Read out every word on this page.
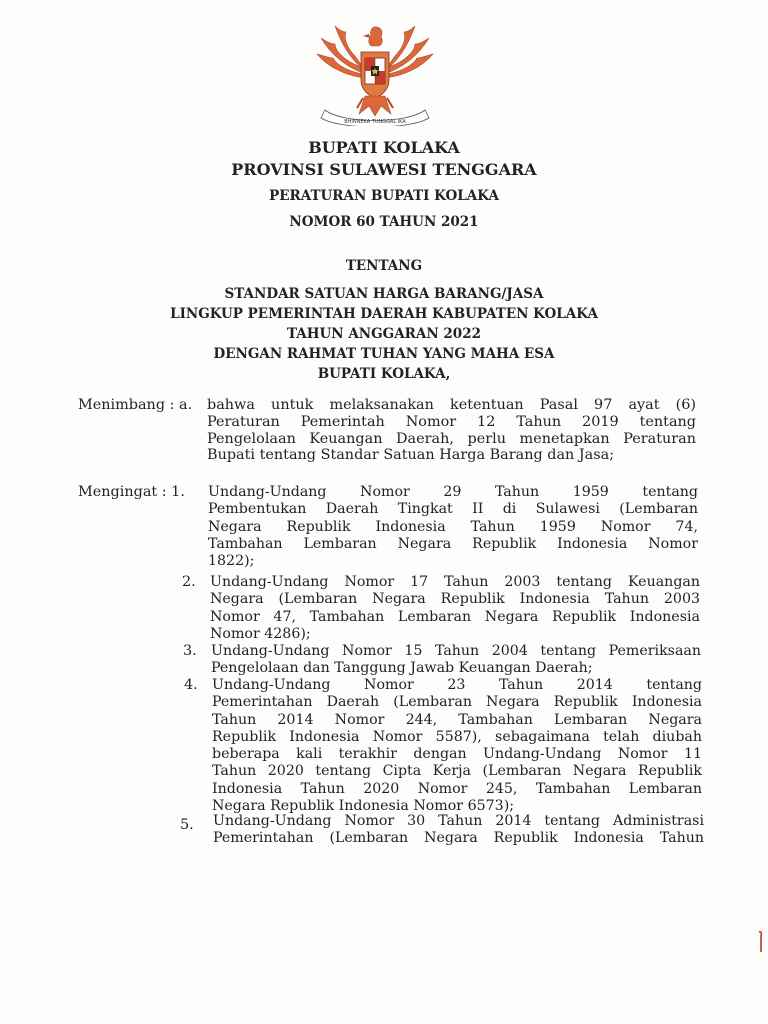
BHINNEKA TUNGGAL IKA
BUPATI KOLAKA
PROVINSI SULAWESI TENGGARA
PERATURAN BUPATI KOLAKA
NOMOR 60 TAHUN 2021
TENTANG
STANDAR SATUAN HARGA BARANG/JASA
LINGKUP PEMERINTAH DAERAH KABUPATEN KOLAKA
TAHUN ANGGARAN 2022
DENGAN RAHMAT TUHAN YANG MAHA ESA
BUPATI KOLAKA,
Menimbang : a. bahwa untuk melaksanakan ketentuan Pasal 97 ayat (6)
Peraturan Pemerintah Nomor 12 Tahun 2019 tentang
Pengelolaan Keuangan Daerah, perlu menetapkan Peraturan
Bupati tentang Standar Satuan Harga Barang dan Jasa;
Mengingat : 1. Undang-Undang Nomor 29 Tahun 1959 tentang
Pembentukan Daerah Tingkat II di Sulawesi (Lembaran
Negara Republik Indonesia Tahun 1959 Nomor 74,
Tambahan Lembaran Negara Republik Indonesia Nomor
1822);
2. Undang-Undang Nomor 17 Tahun 2003 tentang Keuangan
Negara (Lembaran Negara Republik Indonesia Tahun 2003
Nomor 47, Tambahan Lembaran Negara Republik Indonesia
Nomor 4286);
3. Undang-Undang Nomor 15 Tahun 2004 tentang Pemeriksaan
Pengelolaan dan Tanggung Jawab Keuangan Daerah;
4. Undang-Undang Nomor 23 Tahun 2014 tentang
Pemerintahan Daerah (Lembaran Negara Republik Indonesia
Tahun 2014 Nomor 244, Tambahan Lembaran Negara
Republik Indonesia Nomor 5587), sebagaimana telah diubah
beberapa kali terakhir dengan Undang-Undang Nomor 11
Tahun 2020 tentang Cipta Kerja (Lembaran Negara Republik
Indonesia Tahun 2020 Nomor 245, Tambahan Lembaran
Negara Republik Indonesia Nomor 6573);
5. Undang-Undang Nomor 30 Tahun 2014 tentang Administrasi
Pemerintahan (Lembaran Negara Republik Indonesia Tahun
